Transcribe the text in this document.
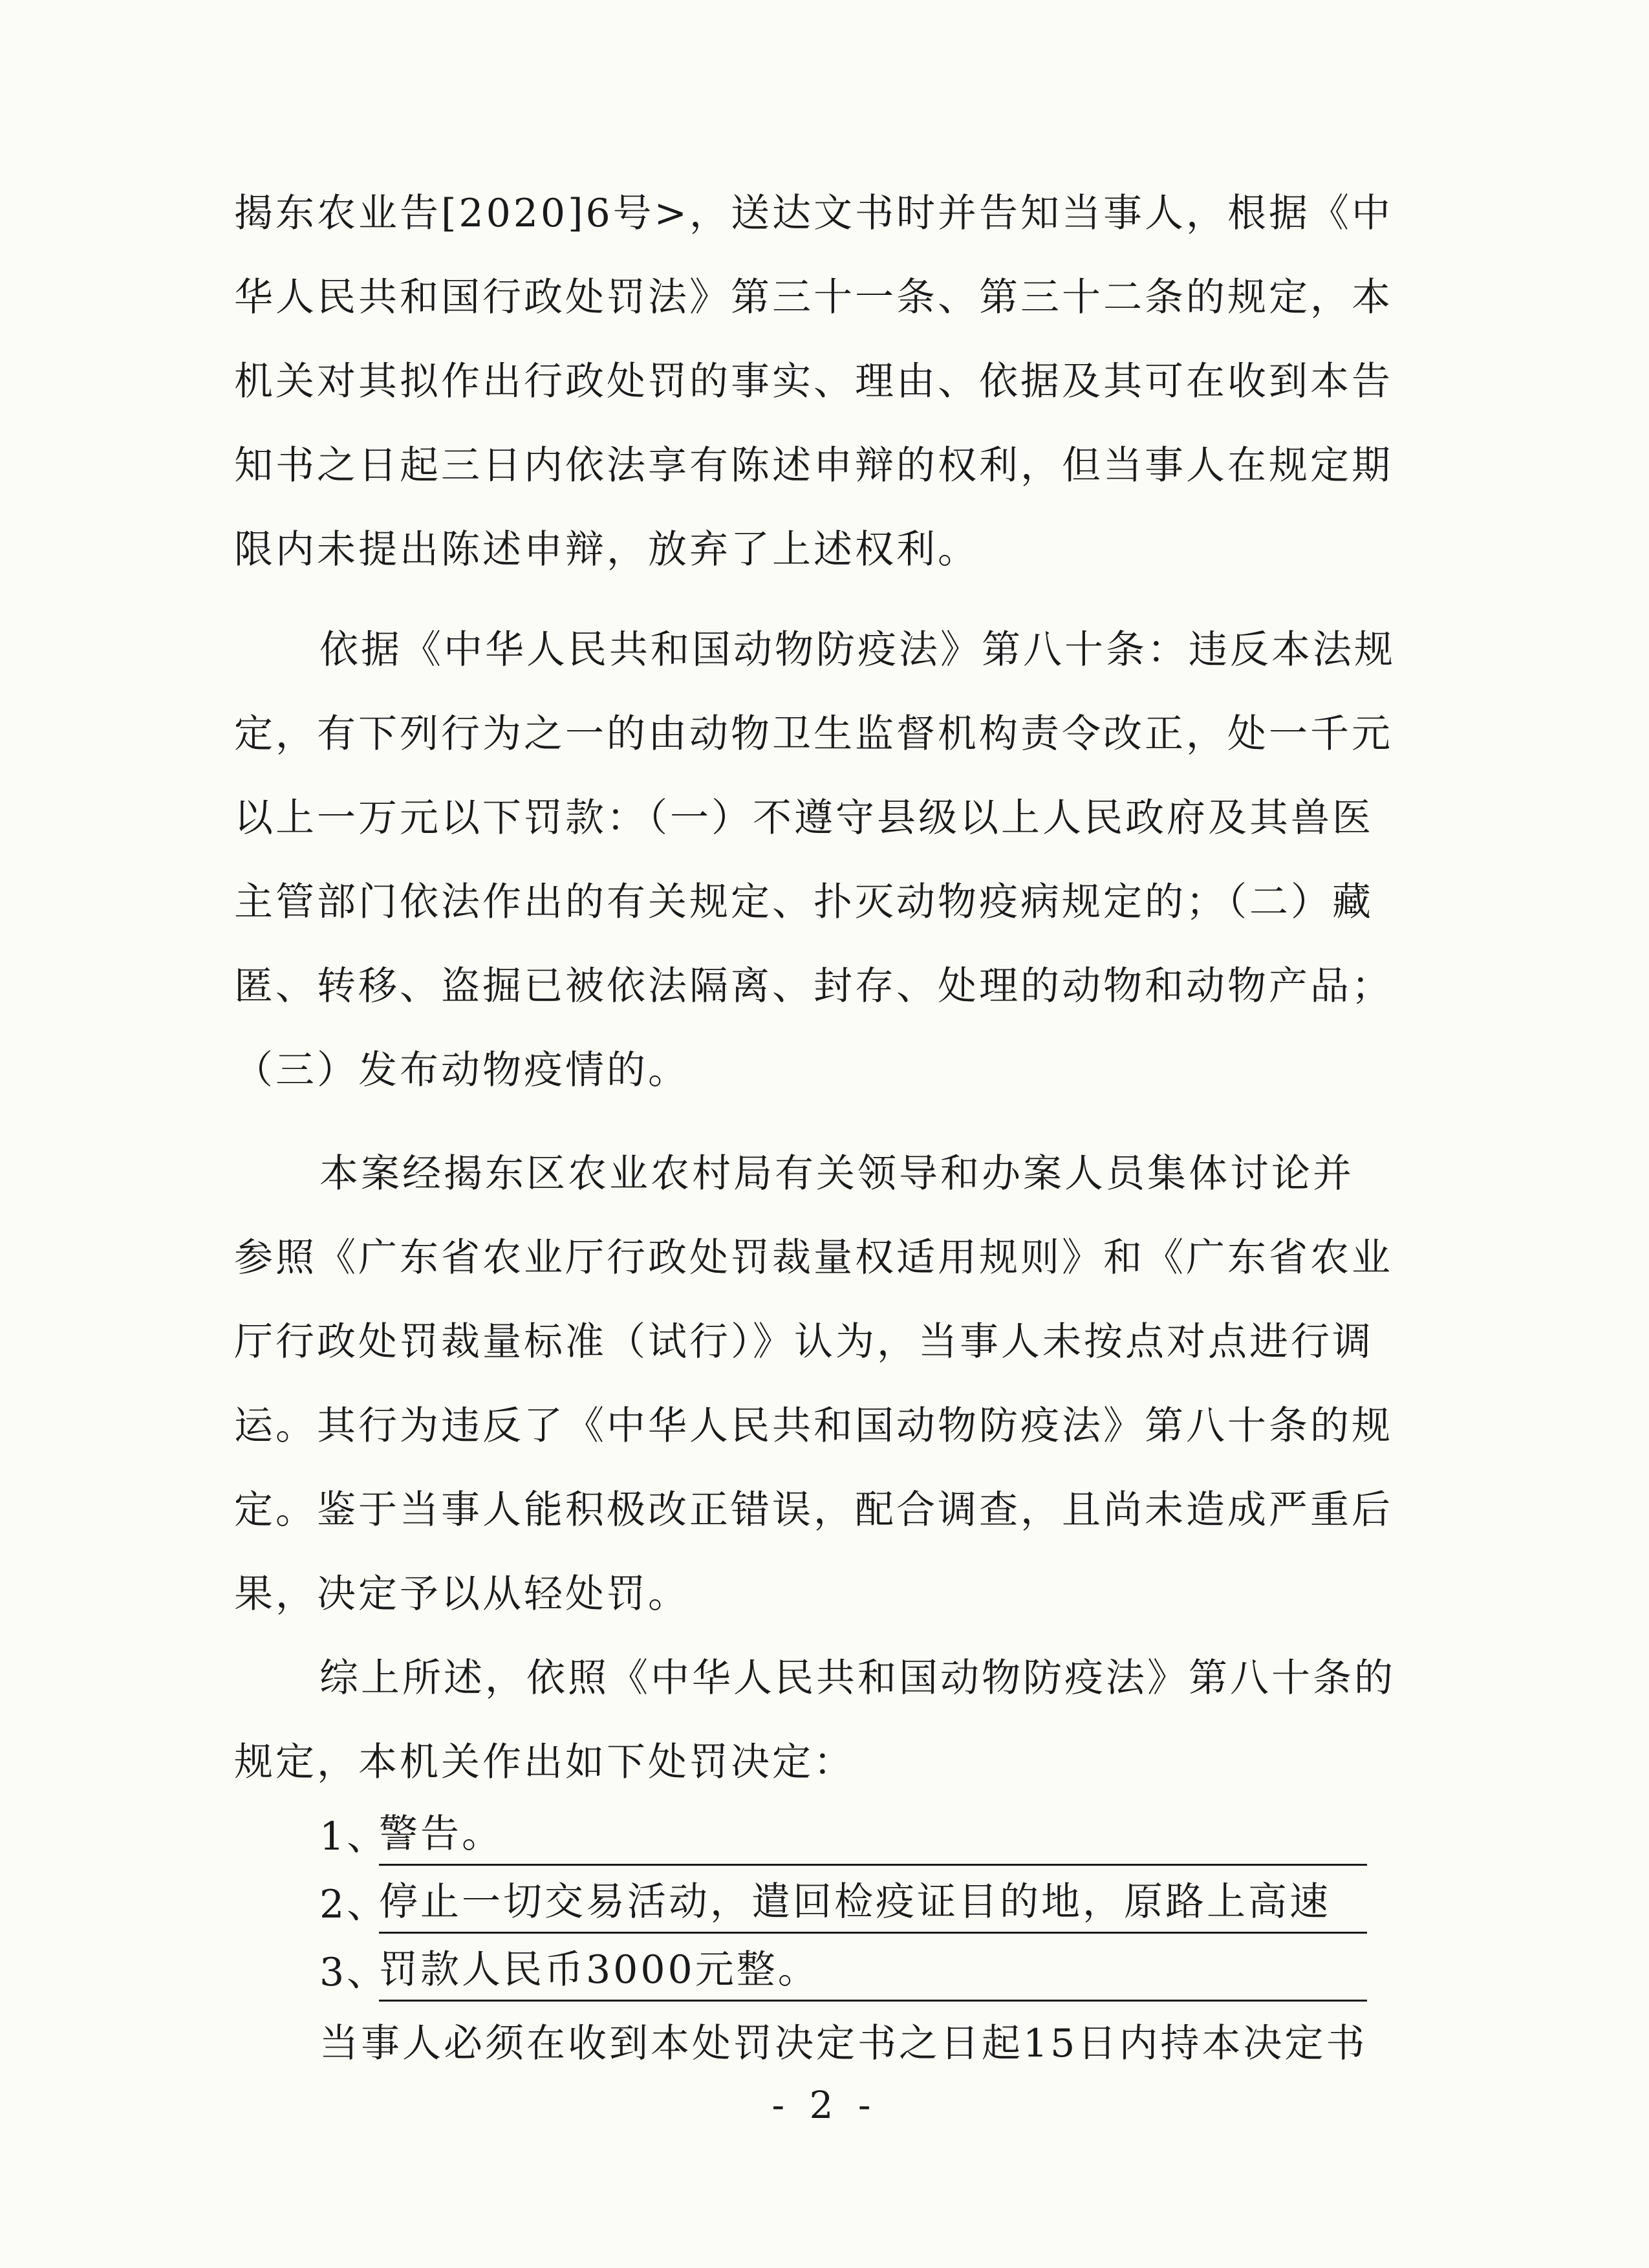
揭东农业告[2020]6号>，送达文书时并告知当事人，根据《中
华人民共和国行政处罚法》第三十一条、第三十二条的规定，本
机关对其拟作出行政处罚的事实、理由、依据及其可在收到本告
知书之日起三日内依法享有陈述申辩的权利，但当事人在规定期
限内未提出陈述申辩，放弃了上述权利。
依据《中华人民共和国动物防疫法》第八十条：违反本法规
定，有下列行为之一的由动物卫生监督机构责令改正，处一千元
以上一万元以下罚款：（一）不遵守县级以上人民政府及其兽医
主管部门依法作出的有关规定、扑灭动物疫病规定的；（二）藏
匿、转移、盗掘已被依法隔离、封存、处理的动物和动物产品；
（三）发布动物疫情的。
本案经揭东区农业农村局有关领导和办案人员集体讨论并
参照《广东省农业厅行政处罚裁量权适用规则》和《广东省农业
厅行政处罚裁量标准（试行）》认为，当事人未按点对点进行调
运。其行为违反了《中华人民共和国动物防疫法》第八十条的规
定。鉴于当事人能积极改正错误，配合调查，且尚未造成严重后
果，决定予以从轻处罚。
综上所述，依照《中华人民共和国动物防疫法》第八十条的
规定，本机关作出如下处罚决定：
1、
警告。
2、
停止一切交易活动，遣回检疫证目的地，原路上高速
3、
罚款人民币3000元整。
当事人必须在收到本处罚决定书之日起15日内持本决定书
- 2 -
